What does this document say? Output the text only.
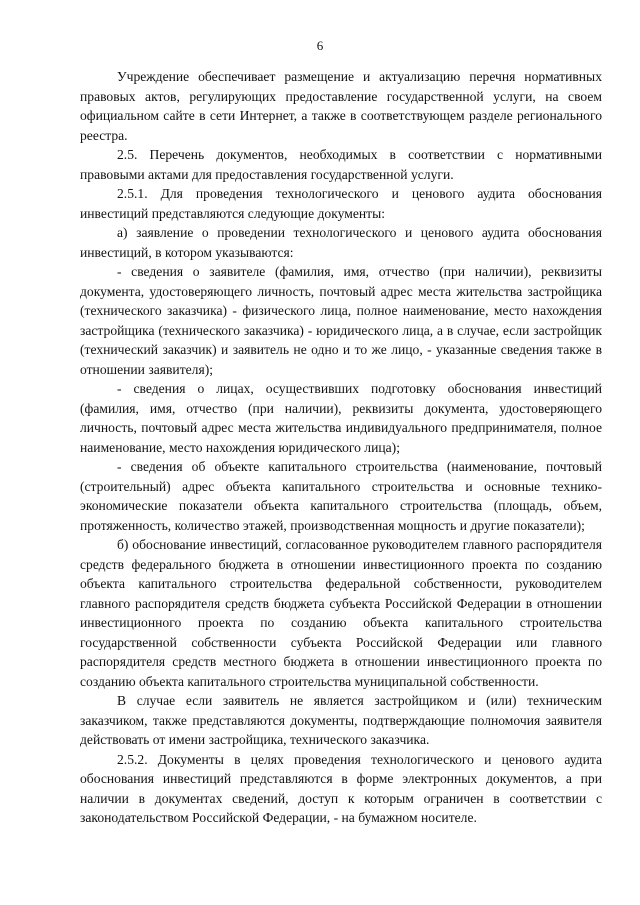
6

Учреждение обеспечивает размещение и актуализацию перечня нормативных правовых актов, регулирующих предоставление государственной услуги, на своем официальном сайте в сети Интернет, а также в соответствующем разделе регионального реестра.

2.5. Перечень документов, необходимых в соответствии с нормативными правовыми актами для предоставления государственной услуги.

2.5.1. Для проведения технологического и ценового аудита обоснования инвестиций представляются следующие документы:

а) заявление о проведении технологического и ценового аудита обоснования инвестиций, в котором указываются:

- сведения о заявителе (фамилия, имя, отчество (при наличии), реквизиты документа, удостоверяющего личность, почтовый адрес места жительства застройщика (технического заказчика) - физического лица, полное наименование, место нахождения застройщика (технического заказчика) - юридического лица, а в случае, если застройщик (технический заказчик) и заявитель не одно и то же лицо, - указанные сведения также в отношении заявителя);

- сведения о лицах, осуществивших подготовку обоснования инвестиций (фамилия, имя, отчество (при наличии), реквизиты документа, удостоверяющего личность, почтовый адрес места жительства индивидуального предпринимателя, полное наименование, место нахождения юридического лица);

- сведения об объекте капитального строительства (наименование, почтовый (строительный) адрес объекта капитального строительства и основные технико-экономические показатели объекта капитального строительства (площадь, объем, протяженность, количество этажей, производственная мощность и другие показатели);

б) обоснование инвестиций, согласованное руководителем главного распорядителя средств федерального бюджета в отношении инвестиционного проекта по созданию объекта капитального строительства федеральной собственности, руководителем главного распорядителя средств бюджета субъекта Российской Федерации в отношении инвестиционного проекта по созданию объекта капитального строительства государственной собственности субъекта Российской Федерации или главного распорядителя средств местного бюджета в отношении инвестиционного проекта по созданию объекта капитального строительства муниципальной собственности.

В случае если заявитель не является застройщиком и (или) техническим заказчиком, также представляются документы, подтверждающие полномочия заявителя действовать от имени застройщика, технического заказчика.

2.5.2. Документы в целях проведения технологического и ценового аудита обоснования инвестиций представляются в форме электронных документов, а при наличии в документах сведений, доступ к которым ограничен в соответствии с законодательством Российской Федерации, - на бумажном носителе.
